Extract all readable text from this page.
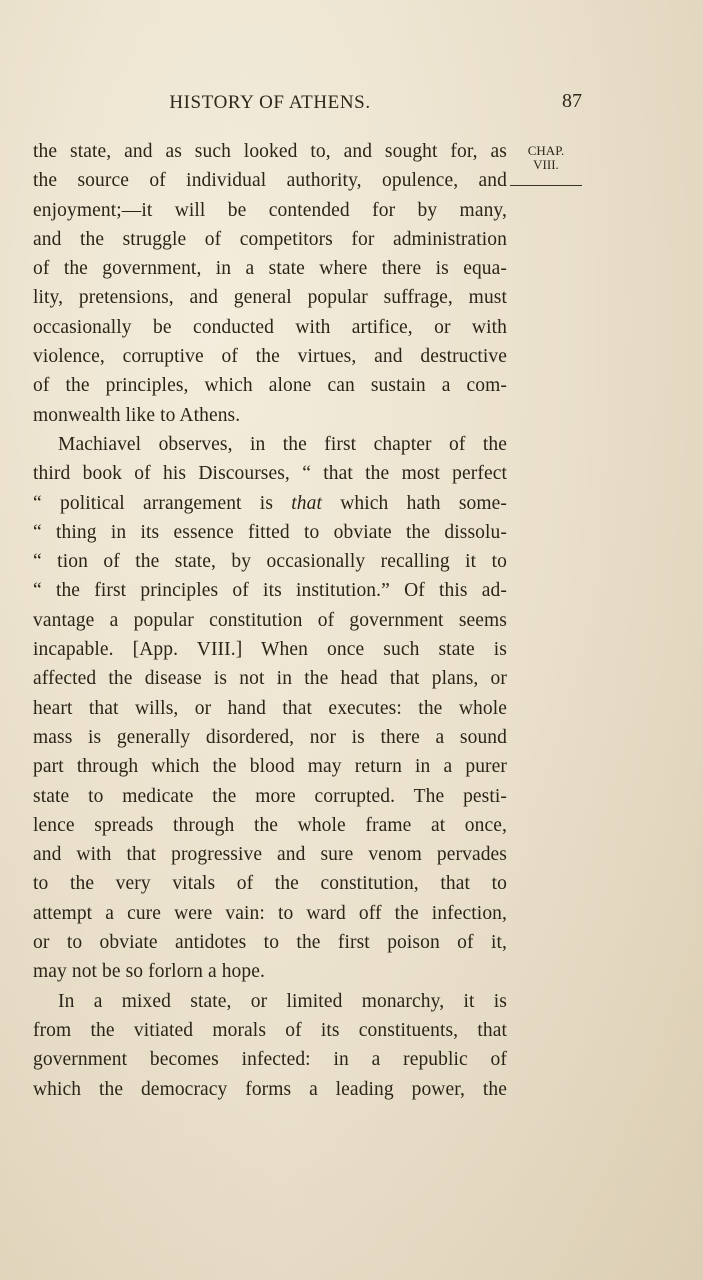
HISTORY OF ATHENS.	87
CHAP.
VIII.
the state, and as such looked to, and sought for, as
the source of individual authority, opulence, and
enjoyment;—it will be contended for by many,
and the struggle of competitors for administration
of the government, in a state where there is equa-
lity, pretensions, and general popular suffrage, must
occasionally be conducted with artifice, or with
violence, corruptive of the virtues, and destructive
of the principles, which alone can sustain a com-
monwealth like to Athens.
Machiavel observes, in the first chapter of the
third book of his Discourses, “ that the most perfect
“ political arrangement is that which hath some-
“ thing in its essence fitted to obviate the dissolu-
“ tion of the state, by occasionally recalling it to
“ the first principles of its institution.” Of this ad-
vantage a popular constitution of government seems
incapable. [App. VIII.] When once such state is
affected the disease is not in the head that plans, or
heart that wills, or hand that executes: the whole
mass is generally disordered, nor is there a sound
part through which the blood may return in a purer
state to medicate the more corrupted. The pesti-
lence spreads through the whole frame at once,
and with that progressive and sure venom pervades
to the very vitals of the constitution, that to
attempt a cure were vain: to ward off the infection,
or to obviate antidotes to the first poison of it,
may not be so forlorn a hope.
In a mixed state, or limited monarchy, it is
from the vitiated morals of its constituents, that
government becomes infected: in a republic of
which the democracy forms a leading power, the
